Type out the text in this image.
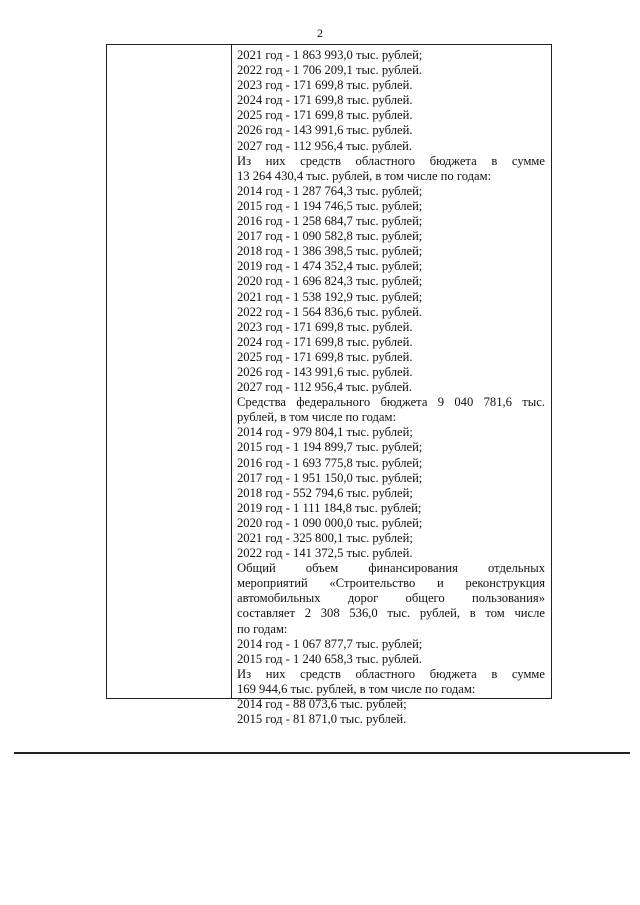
2
2021 год - 1 863 993,0 тыс. рублей;
2022 год - 1 706 209,1 тыс. рублей.
2023 год - 171 699,8 тыс. рублей.
2024 год - 171 699,8 тыс. рублей.
2025 год - 171 699,8 тыс. рублей.
2026 год - 143 991,6 тыс. рублей.
2027 год - 112 956,4 тыс. рублей.
Из них средств областного бюджета в сумме
13 264 430,4 тыс. рублей, в том числе по годам:
2014 год - 1 287 764,3 тыс. рублей;
2015 год - 1 194 746,5 тыс. рублей;
2016 год - 1 258 684,7 тыс. рублей;
2017 год - 1 090 582,8 тыс. рублей;
2018 год - 1 386 398,5 тыс. рублей;
2019 год - 1 474 352,4 тыс. рублей;
2020 год - 1 696 824,3 тыс. рублей;
2021 год - 1 538 192,9 тыс. рублей;
2022 год - 1 564 836,6 тыс. рублей.
2023 год - 171 699,8 тыс. рублей.
2024 год - 171 699,8 тыс. рублей.
2025 год - 171 699,8 тыс. рублей.
2026 год - 143 991,6 тыс. рублей.
2027 год - 112 956,4 тыс. рублей.
Средства федерального бюджета 9 040 781,6 тыс.
рублей, в том числе по годам:
2014 год - 979 804,1 тыс. рублей;
2015 год - 1 194 899,7 тыс. рублей;
2016 год - 1 693 775,8 тыс. рублей;
2017 год - 1 951 150,0 тыс. рублей;
2018 год - 552 794,6 тыс. рублей;
2019 год - 1 111 184,8 тыс. рублей;
2020 год - 1 090 000,0 тыс. рублей;
2021 год - 325 800,1 тыс. рублей;
2022 год - 141 372,5 тыс. рублей.
Общий объем финансирования отдельных
мероприятий «Строительство и реконструкция
автомобильных дорог общего пользования»
составляет 2 308 536,0 тыс. рублей, в том числе
по годам:
2014 год - 1 067 877,7 тыс. рублей;
2015 год - 1 240 658,3 тыс. рублей.
Из них средств областного бюджета в сумме
169 944,6 тыс. рублей, в том числе по годам:
2014 год - 88 073,6 тыс. рублей;
2015 год - 81 871,0 тыс. рублей.
